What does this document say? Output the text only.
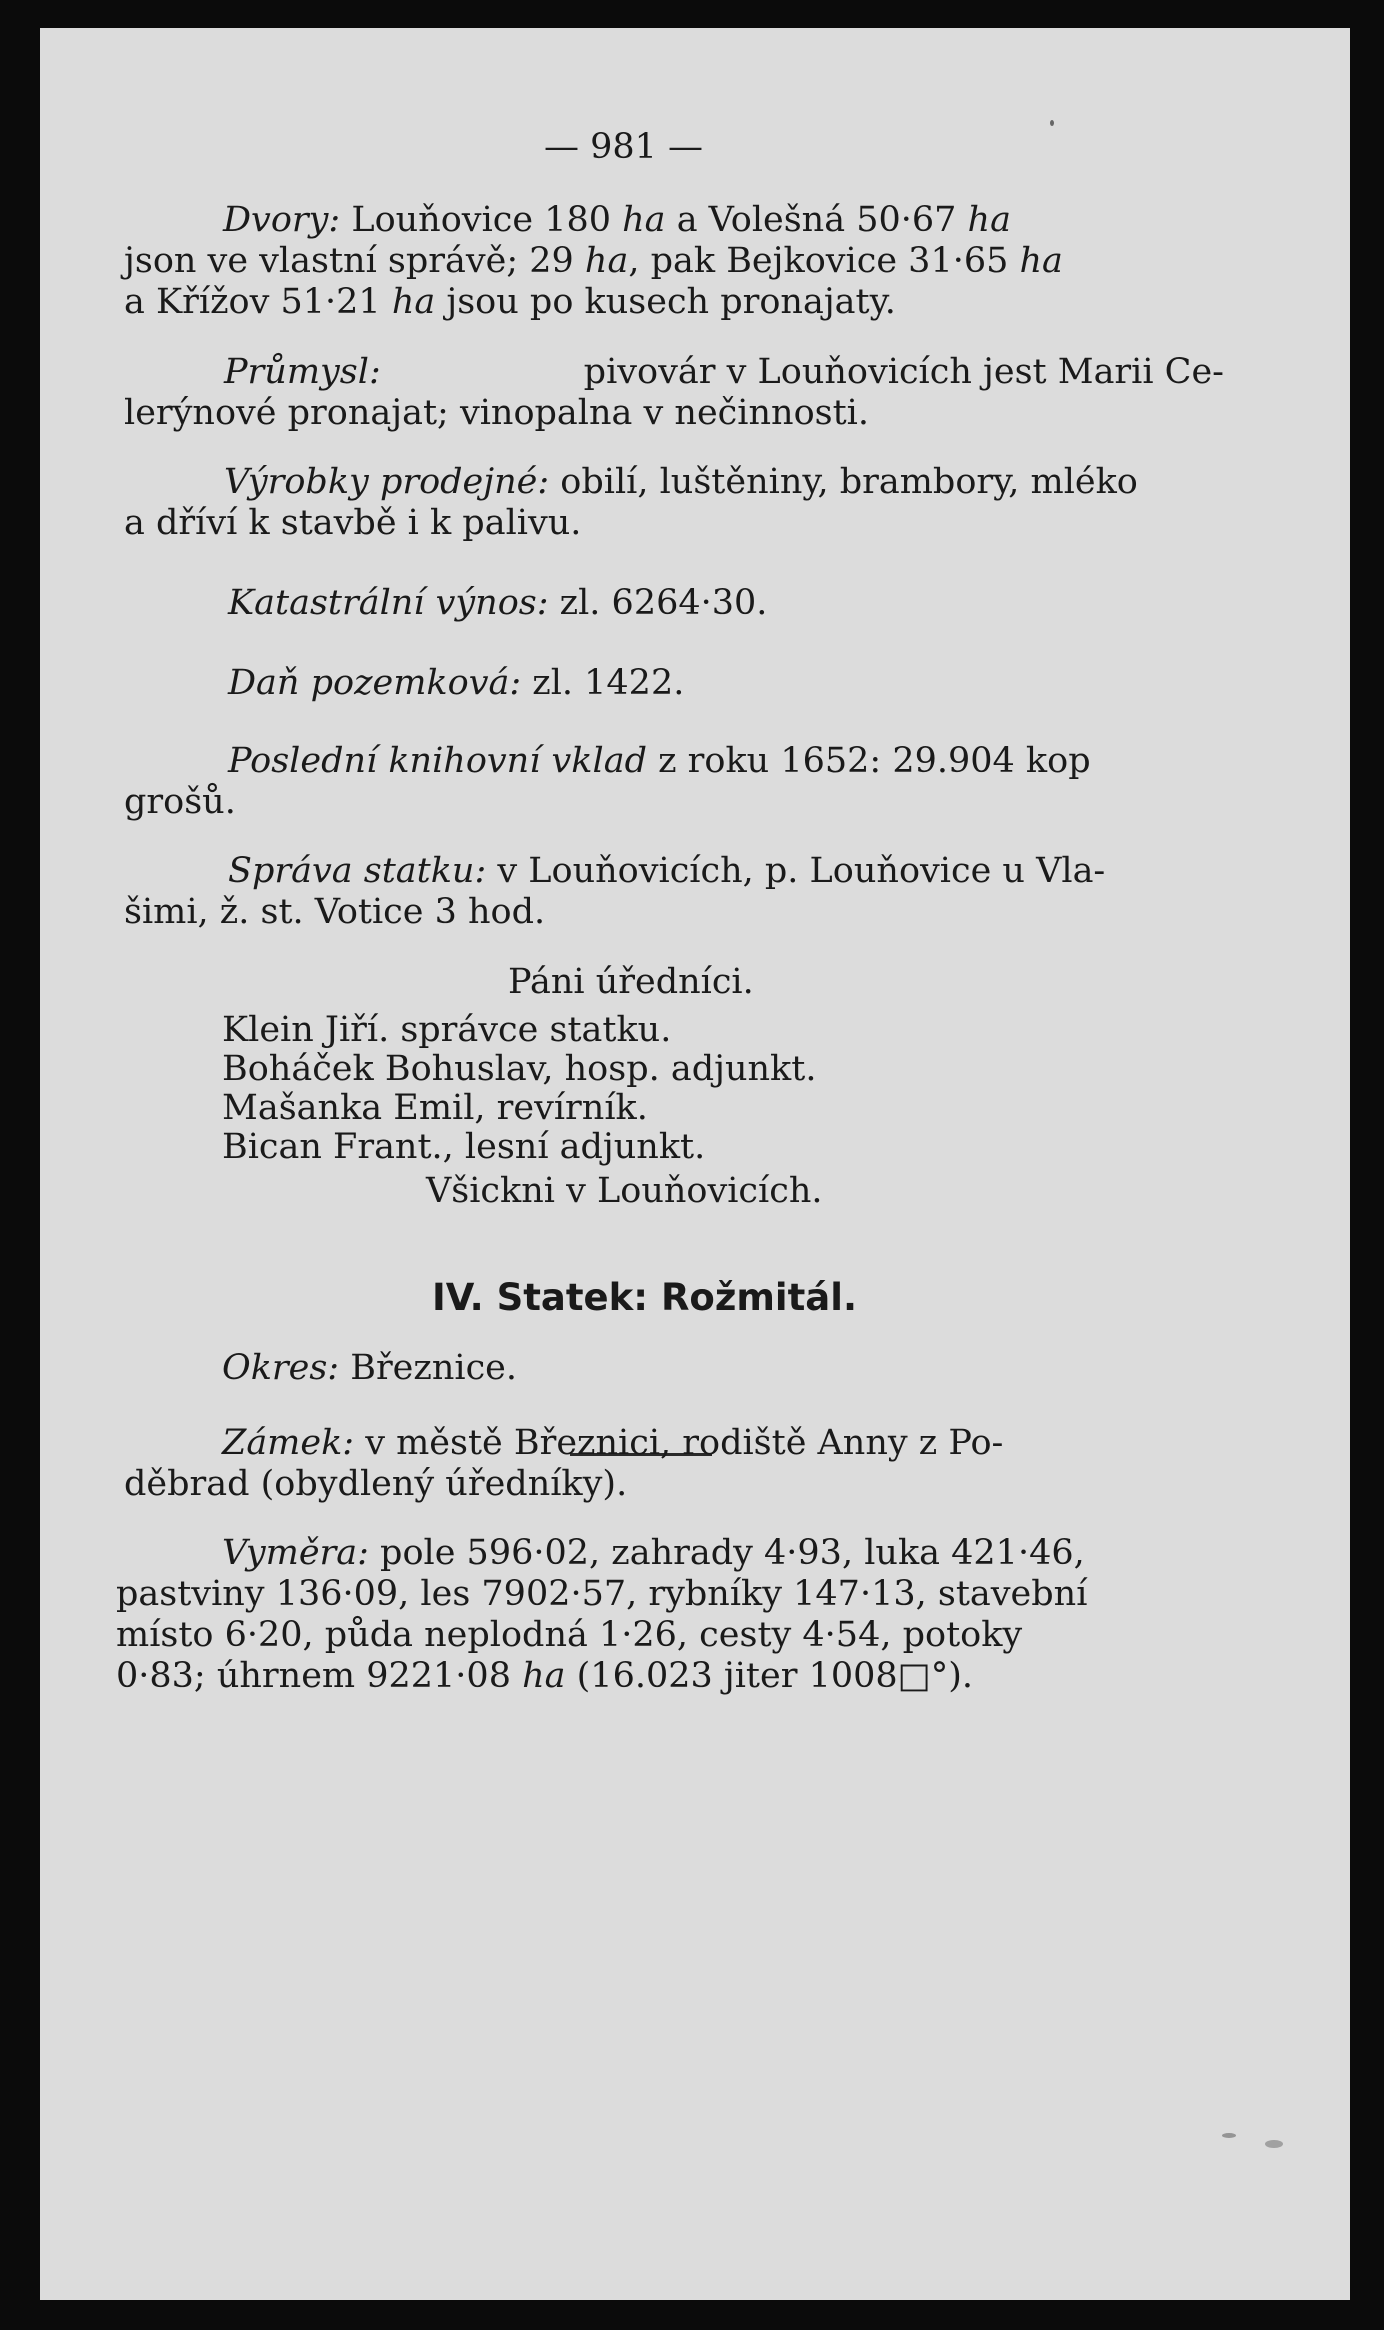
— 981 —
Dvory: Louňovice 180 ha a Volešná 50·67 ha
json ve vlastní správě; 29 ha, pak Bejkovice 31·65 ha
a Křížov 51·21 ha jsou po kusech pronajaty.
Průmysl:	pivovár v Louňovicích jest Marii Ce-
lerýnové pronajat; vinopalna v nečinnosti.
Výrobky prodejné: obilí, luštěniny, brambory, mléko
a dříví k stavbě i k palivu.
Katastrální výnos: zl. 6264·30.
Daň pozemková: zl. 1422.
Poslední knihovní vklad z roku 1652: 29.904 kop
grošů.
Správa statku: v Louňovicích, p. Louňovice u Vla-
šimi, ž. st. Votice 3 hod.
Páni úředníci.
Klein Jiří. správce statku.
Boháček Bohuslav, hosp. adjunkt.
Mašanka Emil, revírník.
Bican Frant., lesní adjunkt.
Všickni v Louňovicích.
IV. Statek: Rožmitál.
Okres: Březnice.
Zámek: v městě Březnici, rodiště Anny z Po-
děbrad (obydlený úředníky).
Vyměra: pole 596·02, zahrady 4·93, luka 421·46,
pastviny 136·09, les 7902·57, rybníky 147·13, stavební
místo 6·20, půda neplodná 1·26, cesty 4·54, potoky
0·83; úhrnem 9221·08 ha (16.023 jiter 1008□°).
